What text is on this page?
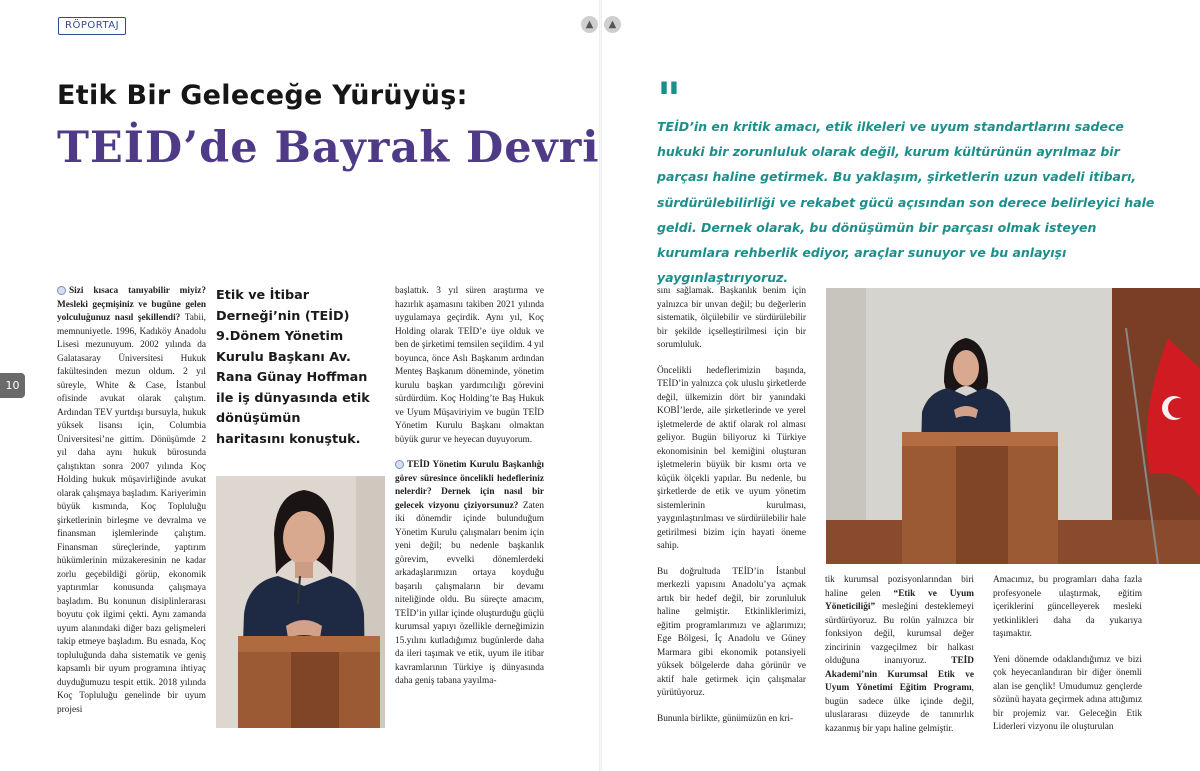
RÖPORTAJ	▲	▲
10
Etik Bir Geleceğe Yürüyüş:
TEİD’de Bayrak Devri
"
TEİD’in en kritik amacı, etik ilkeleri ve uyum standartlarını sadece hukuki bir zorunluluk olarak değil, kurum kültürünün ayrılmaz bir parçası haline getirmek. Bu yaklaşım, şirketlerin uzun vadeli itibarı, sürdürülebilirliği ve rekabet gücü açısından son derece belirleyici hale geldi. Dernek olarak, bu dönüşümün bir parçası olmak isteyen kurumlara rehberlik ediyor, araçlar sunuyor ve bu anlayışı yaygınlaştırıyoruz.

Sizi kısaca tanıyabilir miyiz? Mesleki geçmişiniz ve bugüne gelen yolculuğunuz nasıl şekillendi? Tabii, memnuniyetle. 1996, Kadıköy Anadolu Lisesi mezunuyum. 2002 yılında da Galatasaray Üniversitesi Hukuk fakültesinden mezun oldum. 2 yıl süreyle, White & Case, İstanbul ofisinde avukat olarak çalıştım. Ardından TEV yurtdışı bursuyla, hukuk yüksek lisansı için, Columbia Üniversitesi’ne gittim. Dönüşümde 2 yıl daha aynı hukuk bürosunda çalıştıktan sonra 2007 yılında Koç Holding hukuk müşavirliğinde avukat olarak çalışmaya başladım. Kariyerimin büyük kısmında, Koç Topluluğu şirketlerinin birleşme ve devralma ve finansman işlemlerinde çalıştım. Finansman süreçlerinde, yaptırım hükümlerinin müzakeresinin ne kadar zorlu geçebildiği görüp, ekonomik yaptırımlar konusunda çalışmaya başladım. Bu konunun disiplinlerarası boyutu çok ilgimi çekti. Aynı zamanda uyum alanındaki diğer bazı gelişmeleri takip etmeye başladım. Bu esnada, Koç topluluğunda daha sistematik ve geniş kapsamlı bir uyum programına ihtiyaç duyduğumuzu tespit ettik. 2018 yılında Koç Topluluğu genelinde bir uyum projesi

Etik ve İtibar Derneği’nin (TEİD) 9.Dönem Yönetim Kurulu Başkanı Av. Rana Günay Hoffman ile iş dünyasında etik dönüşümün haritasını konuştuk.

başlattık. 3 yıl süren araştırma ve hazırlık aşamasını takiben 2021 yılında uygulamaya geçirdik. Aynı yıl, Koç Holding olarak TEİD’e üye olduk ve ben de şirketimi temsilen seçildim. 4 yıl boyunca, önce Aslı Başkanım ardından Menteş Başkanım döneminde, yönetim kurulu başkan yardımcılığı görevini sürdürdüm. Koç Holding’te Baş Hukuk ve Uyum Müşaviriyim ve bugün TEİD Yönetim Kurulu Başkanı olmaktan büyük gurur ve heyecan duyuyorum.

TEİD Yönetim Kurulu Başkanlığı görev süresince öncelikli hedefleriniz nelerdir? Dernek için nasıl bir gelecek vizyonu çiziyorsunuz? Zaten iki dönemdir içinde bulunduğum Yönetim Kurulu çalışmaları benim için yeni değil; bu nedenle başkanlık görevim, evvelki dönemlerdeki arkadaşlarımızın ortaya koyduğu başarılı çalışmaların bir devamı niteliğinde oldu. Bu süreçte amacım, TEİD’in yıllar içinde oluşturduğu güçlü kurumsal yapıyı özellikle derneğimizin 15.yılını kutladığımız bugünlerde daha da ileri taşımak ve etik, uyum ile itibar kavramlarının Türkiye iş dünyasında daha geniş tabana yayılma-

sını sağlamak. Başkanlık benim için yalnızca bir unvan değil; bu değerlerin sistematik, ölçülebilir ve sürdürülebilir bir şekilde içselleştirilmesi için bir sorumluluk.

Öncelikli hedeflerimizin başında, TEİD’in yalnızca çok uluslu şirketlerde değil, ülkemizin dört bir yanındaki KOBİ’lerde, aile şirketlerinde ve yerel işletmelerde de aktif olarak rol alması geliyor. Bugün biliyoruz ki Türkiye ekonomisinin bel kemiğini oluşturan işletmelerin büyük bir kısmı orta ve küçük ölçekli yapılar. Bu nedenle, bu şirketlerde de etik ve uyum yönetim sistemlerinin kurulması, yaygınlaştırılması ve sürdürülebilir hale getirilmesi bizim için hayati öneme sahip.

Bu doğrultuda TEİD’in İstanbul merkezli yapısını Anadolu’ya açmak artık bir hedef değil, bir zorunluluk haline gelmiştir. Etkinliklerimizi, eğitim programlarımızı ve ağlarımızı; Ege Bölgesi, İç Anadolu ve Güney Marmara gibi ekonomik potansiyeli yüksek bölgelerde daha görünür ve aktif hale getirmek için çalışmalar yürütüyoruz.

Bununla birlikte, günümüzün en kri-

tik kurumsal pozisyonlarından biri haline gelen “Etik ve Uyum Yöneticiliği” mesleğini desteklemeyi sürdürüyoruz. Bu rolün yalnızca bir fonksiyon değil, kurumsal değer zincirinin vazgeçilmez bir halkası olduğuna inanıyoruz. TEİD Akademi’nin Kurumsal Etik ve Uyum Yönetimi Eğitim Programı, bugün sadece ülke içinde değil, uluslararası düzeyde de tanınırlık kazanmış bir yapı haline gelmiştir.

Amacımız, bu programları daha fazla profesyonele ulaştırmak, eğitim içeriklerini güncelleyerek mesleki yetkinlikleri daha da yukarıya taşımaktır.

Yeni dönemde odaklandığımız ve bizi çok heyecanlandıran bir diğer önemli alan ise gençlik! Umudumuz gençlerde sözünü hayata geçirmek adına attığımız bir projemiz var. Geleceğin Etik Liderleri vizyonu ile oluşturulan
